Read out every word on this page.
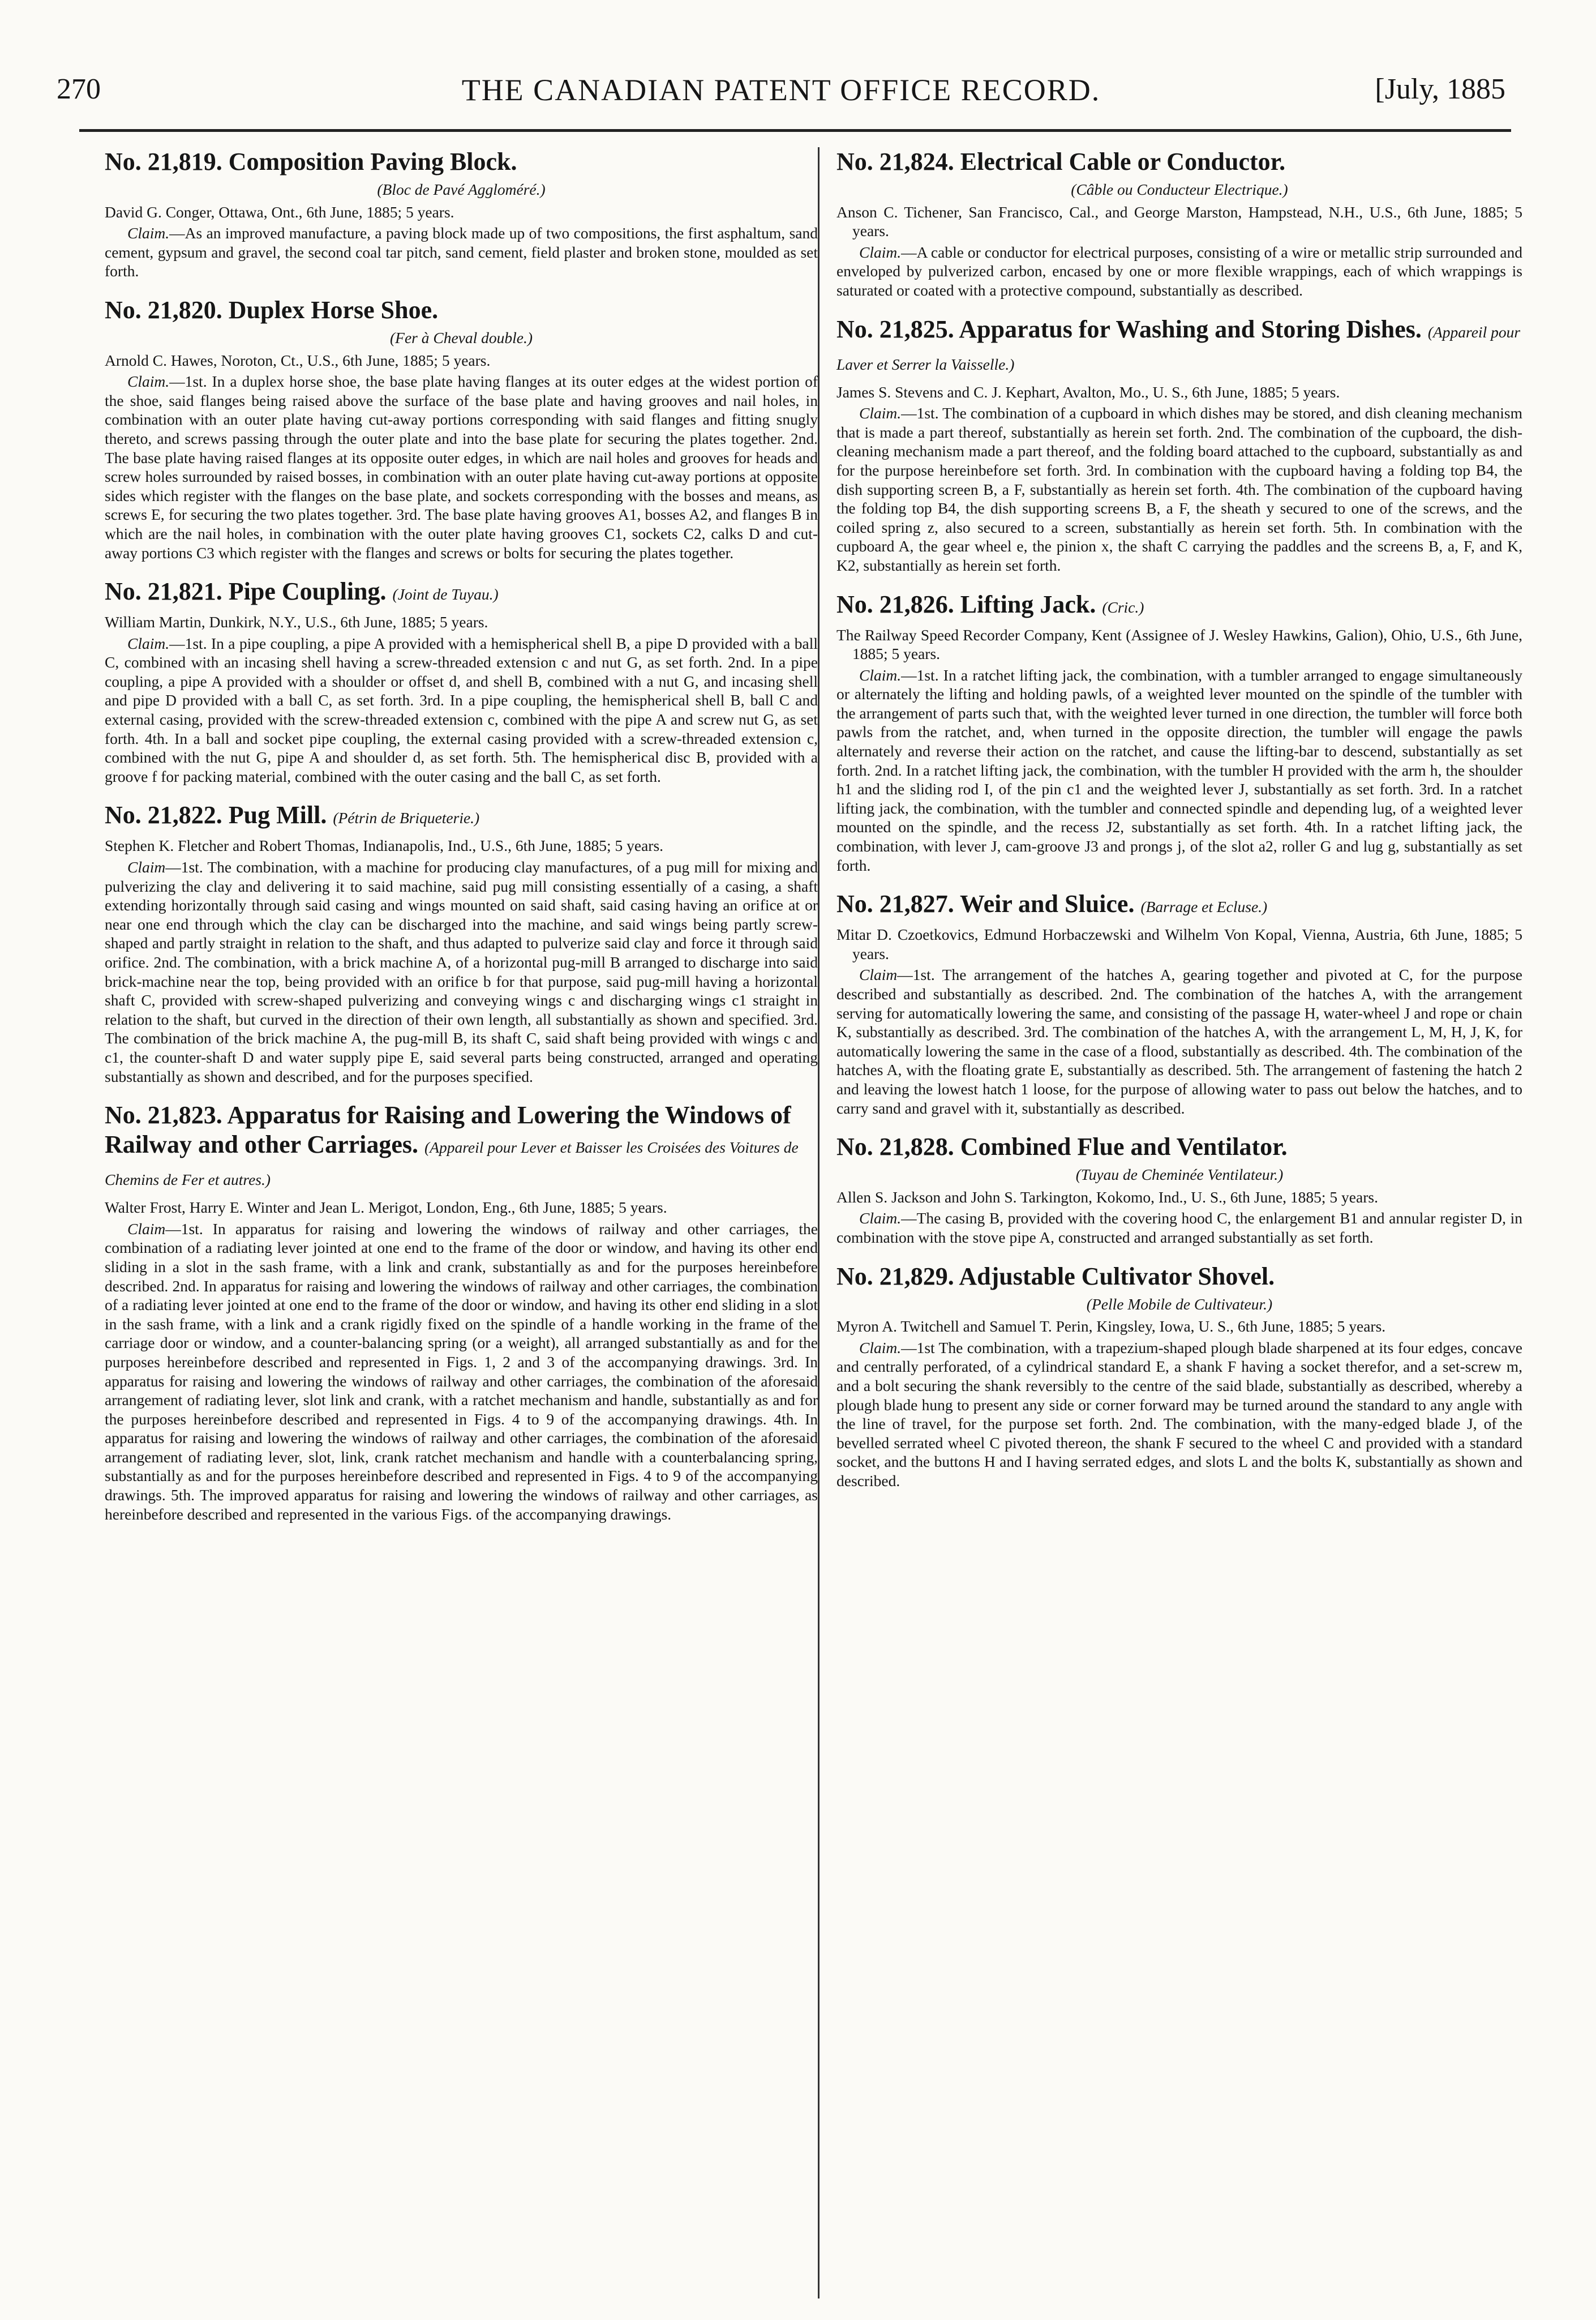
270	THE CANADIAN PATENT OFFICE RECORD.	[July, 1885
No. 21,819. Composition Paving Block.
(Bloc de Pavé Aggloméré.)
David G. Conger, Ottawa, Ont., 6th June, 1885; 5 years.

Claim.—As an improved manufacture, a paving block made up of two compositions, the first asphaltum, sand cement, gypsum and gravel, the second coal tar pitch, sand cement, field plaster and broken stone, moulded as set forth.

No. 21,820. Duplex Horse Shoe.
(Fer à Cheval double.)
Arnold C. Hawes, Noroton, Ct., U.S., 6th June, 1885; 5 years.

Claim.—1st. In a duplex horse shoe, the base plate having flanges at its outer edges at the widest portion of the shoe, said flanges being raised above the surface of the base plate and having grooves and nail holes, in combination with an outer plate having cut-away portions corresponding with said flanges and fitting snugly thereto, and screws passing through the outer plate and into the base plate for securing the plates together. 2nd. The base plate having raised flanges at its opposite outer edges, in which are nail holes and grooves for heads and screw holes surrounded by raised bosses, in combination with an outer plate having cut-away portions at opposite sides which register with the flanges on the base plate, and sockets corresponding with the bosses and means, as screws E, for securing the two plates together. 3rd. The base plate having grooves A1, bosses A2, and flanges B in which are the nail holes, in combination with the outer plate having grooves C1, sockets C2, calks D and cut-away portions C3 which register with the flanges and screws or bolts for securing the plates together.

No. 21,821. Pipe Coupling. (Joint de Tuyau.)
William Martin, Dunkirk, N.Y., U.S., 6th June, 1885; 5 years.

Claim.—1st. In a pipe coupling, a pipe A provided with a hemispherical shell B, a pipe D provided with a ball C, combined with an incasing shell having a screw-threaded extension c and nut G, as set forth. 2nd. In a pipe coupling, a pipe A provided with a shoulder or offset d, and shell B, combined with a nut G, and incasing shell and pipe D provided with a ball C, as set forth. 3rd. In a pipe coupling, the hemispherical shell B, ball C and external casing, provided with the screw-threaded extension c, combined with the pipe A and screw nut G, as set forth. 4th. In a ball and socket pipe coupling, the external casing provided with a screw-threaded extension c, combined with the nut G, pipe A and shoulder d, as set forth. 5th. The hemispherical disc B, provided with a groove f for packing material, combined with the outer casing and the ball C, as set forth.

No. 21,822. Pug Mill. (Pétrin de Briqueterie.)
Stephen K. Fletcher and Robert Thomas, Indianapolis, Ind., U.S., 6th June, 1885; 5 years.

Claim—1st. The combination, with a machine for producing clay manufactures, of a pug mill for mixing and pulverizing the clay and delivering it to said machine, said pug mill consisting essentially of a casing, a shaft extending horizontally through said casing and wings mounted on said shaft, said casing having an orifice at or near one end through which the clay can be discharged into the machine, and said wings being partly screw-shaped and partly straight in relation to the shaft, and thus adapted to pulverize said clay and force it through said orifice. 2nd. The combination, with a brick machine A, of a horizontal pug-mill B arranged to discharge into said brick-machine near the top, being provided with an orifice b for that purpose, said pug-mill having a horizontal shaft C, provided with screw-shaped pulverizing and conveying wings c and discharging wings c1 straight in relation to the shaft, but curved in the direction of their own length, all substantially as shown and specified. 3rd. The combination of the brick machine A, the pug-mill B, its shaft C, said shaft being provided with wings c and c1, the counter-shaft D and water supply pipe E, said several parts being constructed, arranged and operating substantially as shown and described, and for the purposes specified.

No. 21,823. Apparatus for Raising and Lowering the Windows of Railway and other Carriages. (Appareil pour Lever et Baisser les Croisées des Voitures de Chemins de Fer et autres.)
Walter Frost, Harry E. Winter and Jean L. Merigot, London, Eng., 6th June, 1885; 5 years.

Claim—1st. In apparatus for raising and lowering the windows of railway and other carriages, the combination of a radiating lever jointed at one end to the frame of the door or window, and having its other end sliding in a slot in the sash frame, with a link and crank, substantially as and for the purposes hereinbefore described. 2nd. In apparatus for raising and lowering the windows of railway and other carriages, the combination of a radiating lever jointed at one end to the frame of the door or window, and having its other end sliding in a slot in the sash frame, with a link and a crank rigidly fixed on the spindle of a handle working in the frame of the carriage door or window, and a counter-balancing spring (or a weight), all arranged substantially as and for the purposes hereinbefore described and represented in Figs. 1, 2 and 3 of the accompanying drawings. 3rd. In apparatus for raising and lowering the windows of railway and other carriages, the combination of the aforesaid arrangement of radiating lever, slot link and crank, with a ratchet mechanism and handle, substantially as and for the purposes hereinbefore described and represented in Figs. 4 to 9 of the accompanying drawings. 4th. In apparatus for raising and lowering the windows of railway and other carriages, the combination of the aforesaid arrangement of radiating lever, slot, link, crank ratchet mechanism and handle with a counterbalancing spring, substantially as and for the purposes hereinbefore described and represented in Figs. 4 to 9 of the accompanying drawings. 5th. The improved apparatus for raising and lowering the windows of railway and other carriages, as hereinbefore described and represented in the various Figs. of the accompanying drawings.

No. 21,824. Electrical Cable or Conductor.
(Câble ou Conducteur Electrique.)
Anson C. Tichener, San Francisco, Cal., and George Marston, Hampstead, N.H., U.S., 6th June, 1885; 5 years.

Claim.—A cable or conductor for electrical purposes, consisting of a wire or metallic strip surrounded and enveloped by pulverized carbon, encased by one or more flexible wrappings, each of which wrappings is saturated or coated with a protective compound, substantially as described.

No. 21,825. Apparatus for Washing and Storing Dishes. (Appareil pour Laver et Serrer la Vaisselle.)
James S. Stevens and C. J. Kephart, Avalton, Mo., U. S., 6th June, 1885; 5 years.

Claim.—1st. The combination of a cupboard in which dishes may be stored, and dish cleaning mechanism that is made a part thereof, substantially as herein set forth. 2nd. The combination of the cupboard, the dish-cleaning mechanism made a part thereof, and the folding board attached to the cupboard, substantially as and for the purpose hereinbefore set forth. 3rd. In combination with the cupboard having a folding top B4, the dish supporting screen B, a F, substantially as herein set forth. 4th. The combination of the cupboard having the folding top B4, the dish supporting screens B, a F, the sheath y secured to one of the screws, and the coiled spring z, also secured to a screen, substantially as herein set forth. 5th. In combination with the cupboard A, the gear wheel e, the pinion x, the shaft C carrying the paddles and the screens B, a, F, and K, K2, substantially as herein set forth.

No. 21,826. Lifting Jack. (Cric.)
The Railway Speed Recorder Company, Kent (Assignee of J. Wesley Hawkins, Galion), Ohio, U.S., 6th June, 1885; 5 years.

Claim.—1st. In a ratchet lifting jack, the combination, with a tumbler arranged to engage simultaneously or alternately the lifting and holding pawls, of a weighted lever mounted on the spindle of the tumbler with the arrangement of parts such that, with the weighted lever turned in one direction, the tumbler will force both pawls from the ratchet, and, when turned in the opposite direction, the tumbler will engage the pawls alternately and reverse their action on the ratchet, and cause the lifting-bar to descend, substantially as set forth. 2nd. In a ratchet lifting jack, the combination, with the tumbler H provided with the arm h, the shoulder h1 and the sliding rod I, of the pin c1 and the weighted lever J, substantially as set forth. 3rd. In a ratchet lifting jack, the combination, with the tumbler and connected spindle and depending lug, of a weighted lever mounted on the spindle, and the recess J2, substantially as set forth. 4th. In a ratchet lifting jack, the combination, with lever J, cam-groove J3 and prongs j, of the slot a2, roller G and lug g, substantially as set forth.

No. 21,827. Weir and Sluice. (Barrage et Ecluse.)
Mitar D. Czoetkovics, Edmund Horbaczewski and Wilhelm Von Kopal, Vienna, Austria, 6th June, 1885; 5 years.

Claim—1st. The arrangement of the hatches A, gearing together and pivoted at C, for the purpose described and substantially as described. 2nd. The combination of the hatches A, with the arrangement serving for automatically lowering the same, and consisting of the passage H, water-wheel J and rope or chain K, substantially as described. 3rd. The combination of the hatches A, with the arrangement L, M, H, J, K, for automatically lowering the same in the case of a flood, substantially as described. 4th. The combination of the hatches A, with the floating grate E, substantially as described. 5th. The arrangement of fastening the hatch 2 and leaving the lowest hatch 1 loose, for the purpose of allowing water to pass out below the hatches, and to carry sand and gravel with it, substantially as described.

No. 21,828. Combined Flue and Ventilator.
(Tuyau de Cheminée Ventilateur.)
Allen S. Jackson and John S. Tarkington, Kokomo, Ind., U. S., 6th June, 1885; 5 years.

Claim.—The casing B, provided with the covering hood C, the enlargement B1 and annular register D, in combination with the stove pipe A, constructed and arranged substantially as set forth.

No. 21,829. Adjustable Cultivator Shovel.
(Pelle Mobile de Cultivateur.)
Myron A. Twitchell and Samuel T. Perin, Kingsley, Iowa, U. S., 6th June, 1885; 5 years.

Claim.—1st The combination, with a trapezium-shaped plough blade sharpened at its four edges, concave and centrally perforated, of a cylindrical standard E, a shank F having a socket therefor, and a set-screw m, and a bolt securing the shank reversibly to the centre of the said blade, substantially as described, whereby a plough blade hung to present any side or corner forward may be turned around the standard to any angle with the line of travel, for the purpose set forth. 2nd. The combination, with the many-edged blade J, of the bevelled serrated wheel C pivoted thereon, the shank F secured to the wheel C and provided with a standard socket, and the buttons H and I having serrated edges, and slots L and the bolts K, substantially as shown and described.
